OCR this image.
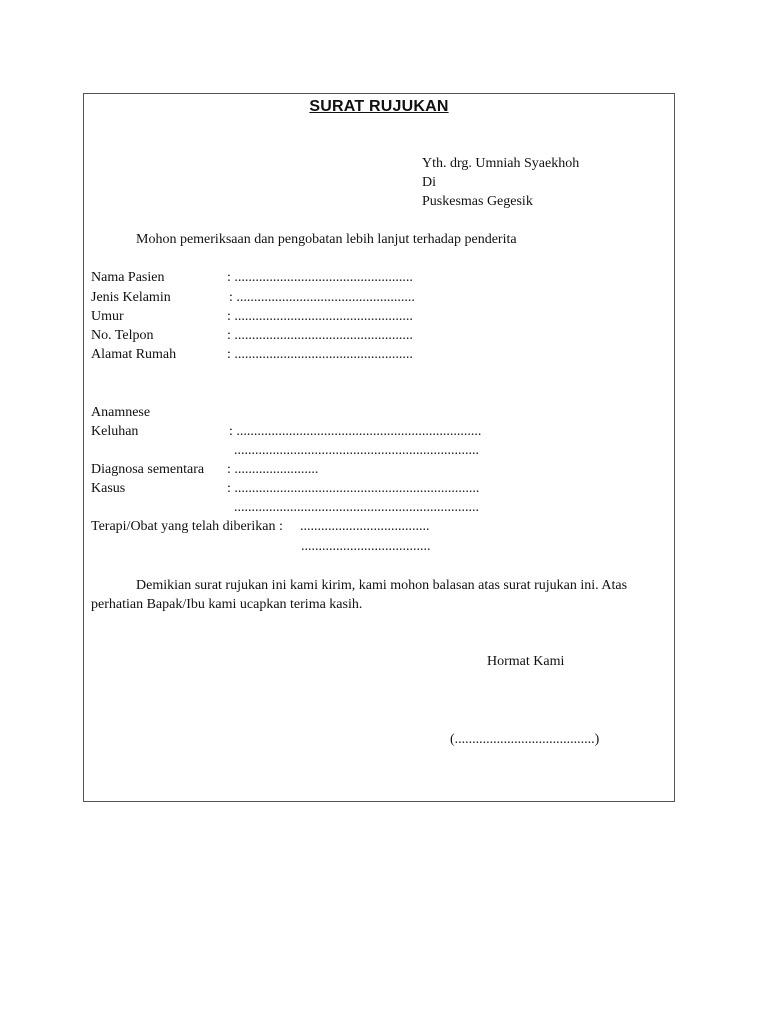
SURAT RUJUKAN
Yth. drg. Umniah Syaekhoh
Di
Puskesmas Gegesik
Mohon pemeriksaan dan pengobatan lebih lanjut terhadap penderita
Nama Pasien	: ...................................................
Jenis Kelamin	: ...................................................
Umur	: ...................................................
No. Telpon	: ...................................................
Alamat Rumah	: ...................................................
Anamnese
Keluhan	: ......................................................................
......................................................................
Diagnosa sementara : ........................
Kasus	: ......................................................................
......................................................................
Terapi/Obat yang telah diberikan : .....................................
.....................................
Demikian surat rujukan ini kami kirim, kami mohon balasan atas surat rujukan ini. Atas perhatian Bapak/Ibu kami ucapkan terima kasih.
Hormat Kami
(........................................)
